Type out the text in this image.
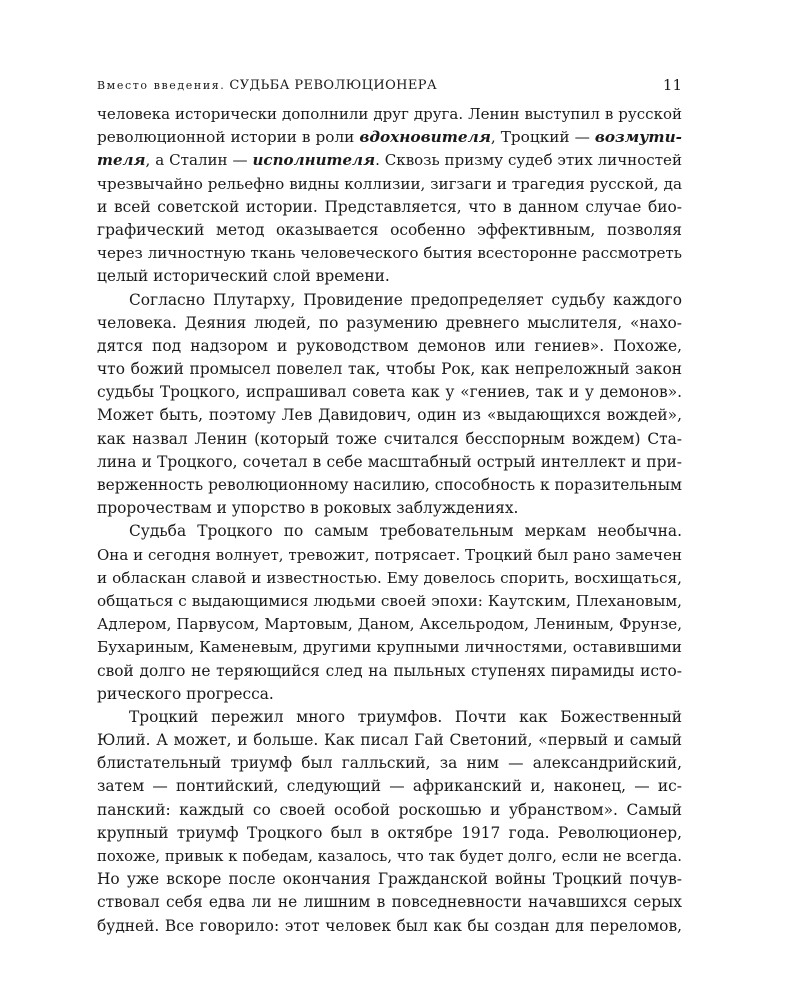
Вместо введения. СУДЬБА РЕВОЛЮЦИОНЕРА	11
человека исторически дополнили друг друга. Ленин выступил в русской
революционной истории в роли вдохновителя, Троцкий — возмути-
теля, а Сталин — исполнителя. Сквозь призму судеб этих личностей
чрезвычайно рельефно видны коллизии, зигзаги и трагедия русской, да
и всей советской истории. Представляется, что в данном случае био-
графический метод оказывается особенно эффективным, позволяя
через личностную ткань человеческого бытия всесторонне рассмотреть
целый исторический слой времени.
Согласно Плутарху, Провидение предопределяет судьбу каждого
человека. Деяния людей, по разумению древнего мыслителя, «нахо-
дятся под надзором и руководством демонов или гениев». Похоже,
что божий промысел повелел так, чтобы Рок, как непреложный закон
судьбы Троцкого, испрашивал совета как у «гениев, так и у демонов».
Может быть, поэтому Лев Давидович, один из «выдающихся вождей»,
как назвал Ленин (который тоже считался бесспорным вождем) Ста-
лина и Троцкого, сочетал в себе масштабный острый интеллект и при-
верженность революционному насилию, способность к поразительным
пророчествам и упорство в роковых заблуждениях.
Судьба Троцкого по самым требовательным меркам необычна.
Она и сегодня волнует, тревожит, потрясает. Троцкий был рано замечен
и обласкан славой и известностью. Ему довелось спорить, восхищаться,
общаться с выдающимися людьми своей эпохи: Каутским, Плехановым,
Адлером, Парвусом, Мартовым, Даном, Аксельродом, Лениным, Фрунзе,
Бухариным, Каменевым, другими крупными личностями, оставившими
свой долго не теряющийся след на пыльных ступенях пирамиды исто-
рического прогресса.
Троцкий пережил много триумфов. Почти как Божественный
Юлий. А может, и больше. Как писал Гай Светоний, «первый и самый
блистательный триумф был галльский, за ним — александрийский,
затем — понтийский, следующий — африканский и, наконец, — ис-
панский: каждый со своей особой роскошью и убранством». Самый
крупный триумф Троцкого был в октябре 1917 года. Революционер,
похоже, привык к победам, казалось, что так будет долго, если не всегда.
Но уже вскоре после окончания Гражданской войны Троцкий почув-
ствовал себя едва ли не лишним в повседневности начавшихся серых
будней. Все говорило: этот человек был как бы создан для переломов,
